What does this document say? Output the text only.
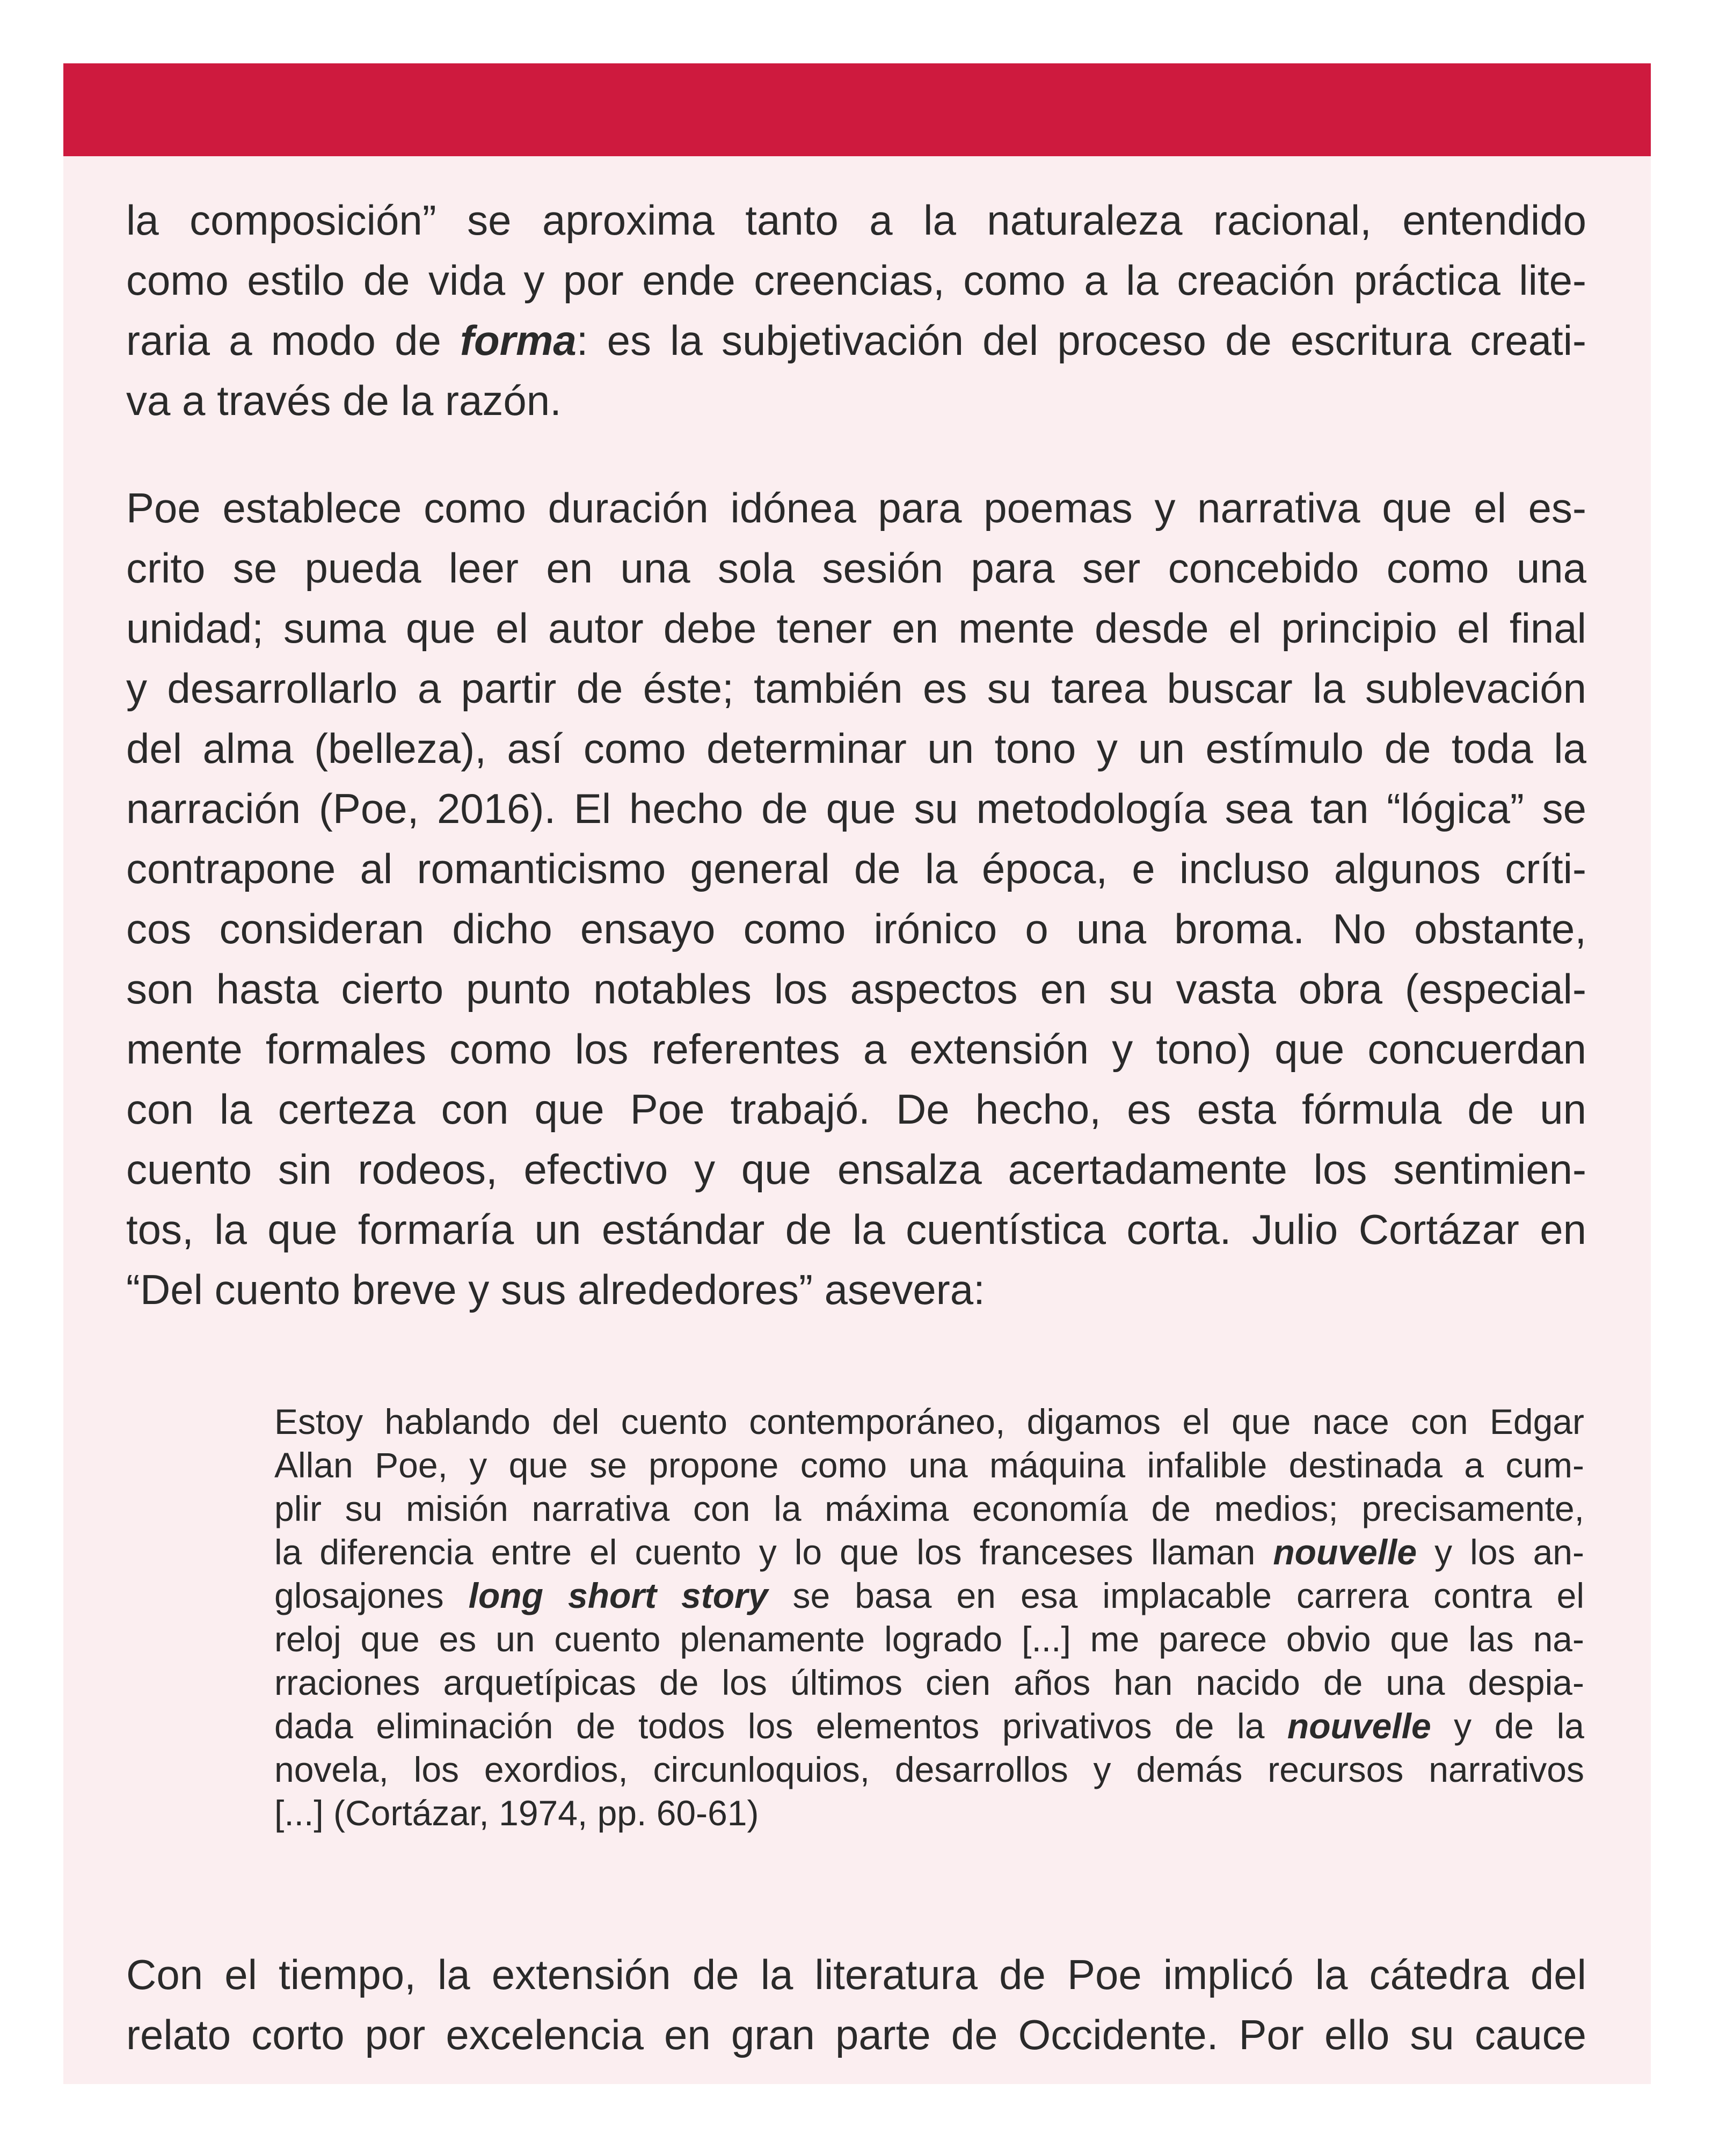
la composición” se aproxima tanto a la naturaleza racional, entendido
como estilo de vida y por ende creencias, como a la creación práctica lite-
raria a modo de forma: es la subjetivación del proceso de escritura creati-
va a través de la razón.
Poe establece como duración idónea para poemas y narrativa que el es-
crito se pueda leer en una sola sesión para ser concebido como una
unidad; suma que el autor debe tener en mente desde el principio el final
y desarrollarlo a partir de éste; también es su tarea buscar la sublevación
del alma (belleza), así como determinar un tono y un estímulo de toda la
narración (Poe, 2016). El hecho de que su metodología sea tan “lógica” se
contrapone al romanticismo general de la época, e incluso algunos críti-
cos consideran dicho ensayo como irónico o una broma. No obstante,
son hasta cierto punto notables los aspectos en su vasta obra (especial-
mente formales como los referentes a extensión y tono) que concuerdan
con la certeza con que Poe trabajó. De hecho, es esta fórmula de un
cuento sin rodeos, efectivo y que ensalza acertadamente los sentimien-
tos, la que formaría un estándar de la cuentística corta. Julio Cortázar en
“Del cuento breve y sus alrededores” asevera:
Estoy hablando del cuento contemporáneo, digamos el que nace con Edgar
Allan Poe, y que se propone como una máquina infalible destinada a cum-
plir su misión narrativa con la máxima economía de medios; precisamente,
la diferencia entre el cuento y lo que los franceses llaman nouvelle y los an-
glosajones long short story se basa en esa implacable carrera contra el
reloj que es un cuento plenamente logrado [...] me parece obvio que las na-
rraciones arquetípicas de los últimos cien años han nacido de una despia-
dada eliminación de todos los elementos privativos de la nouvelle y de la
novela, los exordios, circunloquios, desarrollos y demás recursos narrativos
[...] (Cortázar, 1974, pp. 60-61)
Con el tiempo, la extensión de la literatura de Poe implicó la cátedra del
relato corto por excelencia en gran parte de Occidente. Por ello su cauce
